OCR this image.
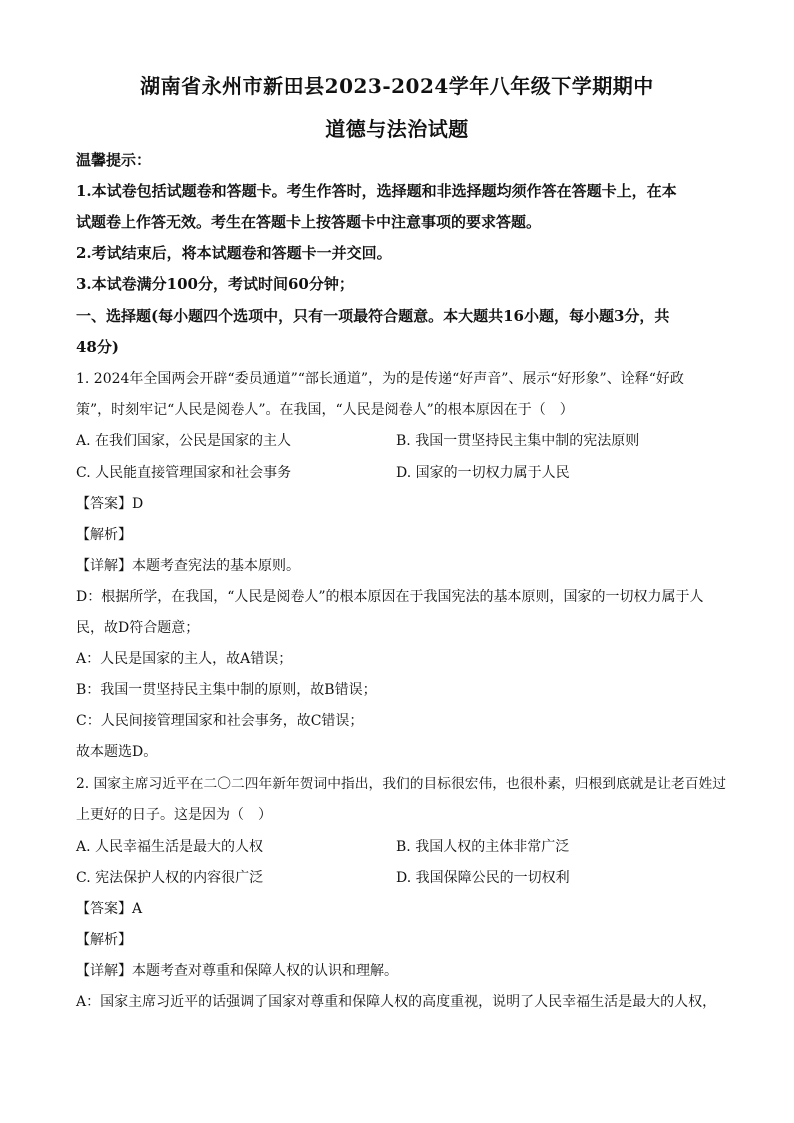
湖南省永州市新田县2023-2024学年八年级下学期期中
道德与法治试题
温馨提示：
1.本试卷包括试题卷和答题卡。考生作答时，选择题和非选择题均须作答在答题卡上，在本
试题卷上作答无效。考生在答题卡上按答题卡中注意事项的要求答题。
2.考试结束后，将本试题卷和答题卡一并交回。
3.本试卷满分100分，考试时间60分钟；
一、选择题(每小题四个选项中，只有一项最符合题意。本大题共16小题，每小题3分，共
48分)
1. 2024年全国两会开辟“委员通道”“部长通道”，为的是传递“好声音”、展示“好形象”、诠释“好政
策”，时刻牢记“人民是阅卷人”。在我国，“人民是阅卷人”的根本原因在于（　）
A. 在我们国家，公民是国家的主人	B. 我国一贯坚持民主集中制的宪法原则
C. 人民能直接管理国家和社会事务	D. 国家的一切权力属于人民
【答案】D
【解析】
【详解】本题考查宪法的基本原则。
D：根据所学，在我国，“人民是阅卷人”的根本原因在于我国宪法的基本原则，国家的一切权力属于人
民，故D符合题意；
A：人民是国家的主人，故A错误；
B：我国一贯坚持民主集中制的原则，故B错误；
C：人民间接管理国家和社会事务，故C错误；
故本题选D。
2. 国家主席习近平在二〇二四年新年贺词中指出，我们的目标很宏伟，也很朴素，归根到底就是让老百姓过
上更好的日子。这是因为（　）
A. 人民幸福生活是最大的人权	B. 我国人权的主体非常广泛
C. 宪法保护人权的内容很广泛	D. 我国保障公民的一切权利
【答案】A
【解析】
【详解】本题考查对尊重和保障人权的认识和理解。
A：国家主席习近平的话强调了国家对尊重和保障人权的高度重视，说明了人民幸福生活是最大的人权，
